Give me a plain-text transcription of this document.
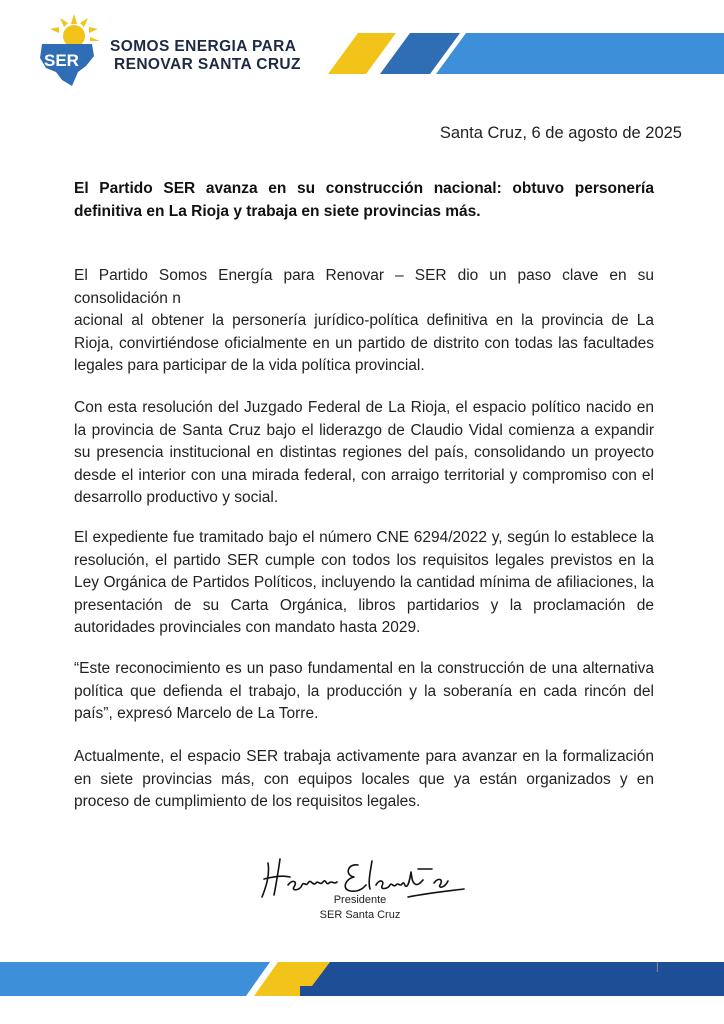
SER
SOMOS ENERGIA PARA
RENOVAR SANTA CRUZ
Santa Cruz, 6 de agosto de 2025
El Partido SER avanza en su construcción nacional: obtuvo personería definitiva en La Rioja y trabaja en siete provincias más.

El Partido Somos Energía para Renovar – SER dio un paso clave en su

consolidación n

acional al obtener la personería jurídico-política definitiva en la provincia de La Rioja, convirtiéndose oficialmente en un partido de distrito con todas las facultades legales para participar de la vida política provincial.

Con esta resolución del Juzgado Federal de La Rioja, el espacio político nacido en la provincia de Santa Cruz bajo el liderazgo de Claudio Vidal comienza a expandir su presencia institucional en distintas regiones del país, consolidando un proyecto desde el interior con una mirada federal, con arraigo territorial y compromiso con el desarrollo productivo y social.

El expediente fue tramitado bajo el número CNE 6294/2022 y, según lo establece la resolución, el partido SER cumple con todos los requisitos legales previstos en la Ley Orgánica de Partidos Políticos, incluyendo la cantidad mínima de afiliaciones, la presentación de su Carta Orgánica, libros partidarios y la proclamación de autoridades provinciales con mandato hasta 2029.

“Este reconocimiento es un paso fundamental en la construcción de una alternativa política que defienda el trabajo, la producción y la soberanía en cada rincón del país”, expresó Marcelo de La Torre.

Actualmente, el espacio SER trabaja activamente para avanzar en la formalización en siete provincias más, con equipos locales que ya están organizados y en proceso de cumplimiento de los requisitos legales.

Presidente
SER Santa Cruz
|
